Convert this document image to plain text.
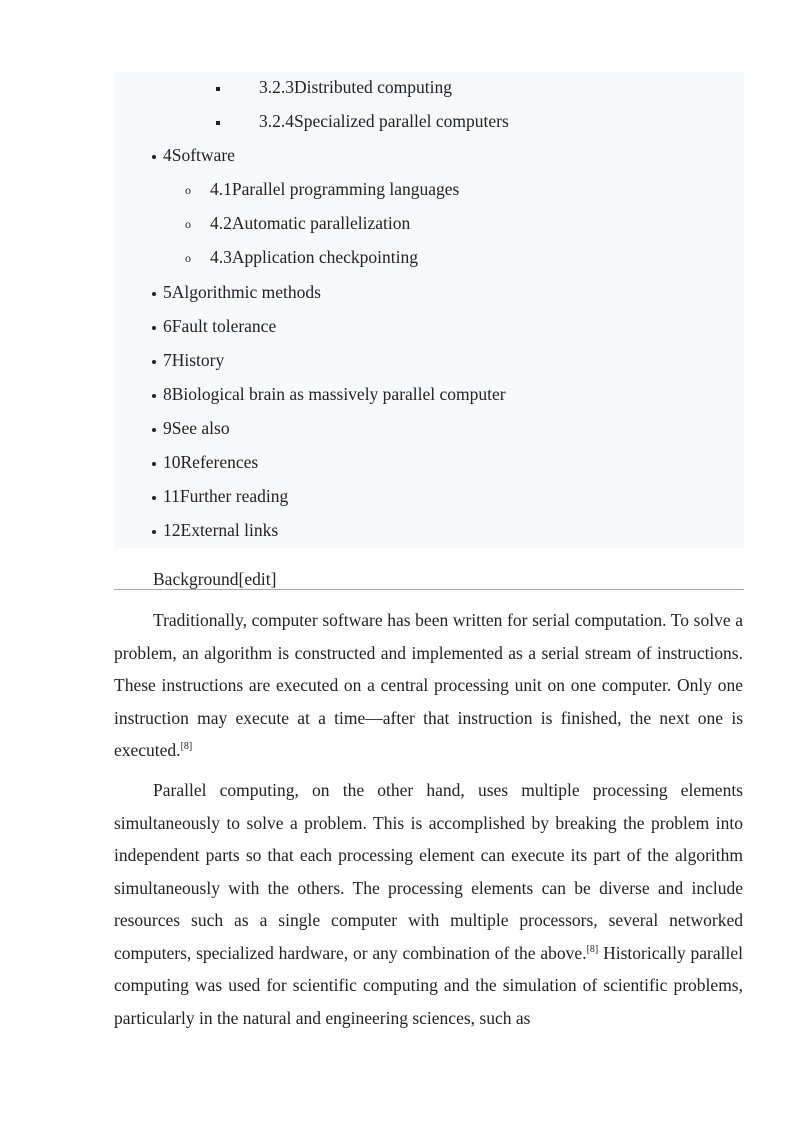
3.2.3Distributed computing
3.2.4Specialized parallel computers
4Software
o 4.1Parallel programming languages
o 4.2Automatic parallelization
o 4.3Application checkpointing
5Algorithmic methods
6Fault tolerance
7History
8Biological brain as massively parallel computer
9See also
10References
11Further reading
12External links
Background[edit]

Traditionally, computer software has been written for serial computation. To solve a problem, an algorithm is constructed and implemented as a serial stream of instructions. These instructions are executed on a central processing unit on one computer. Only one instruction may execute at a time—after that instruction is finished, the next one is executed.[8]

Parallel computing, on the other hand, uses multiple processing elements simultaneously to solve a problem. This is accomplished by breaking the problem into independent parts so that each processing element can execute its part of the algorithm simultaneously with the others. The processing elements can be diverse and include resources such as a single computer with multiple processors, several networked computers, specialized hardware, or any combination of the above.[8] Historically parallel computing was used for scientific computing and the simulation of scientific problems, particularly in the natural and engineering sciences, such as
